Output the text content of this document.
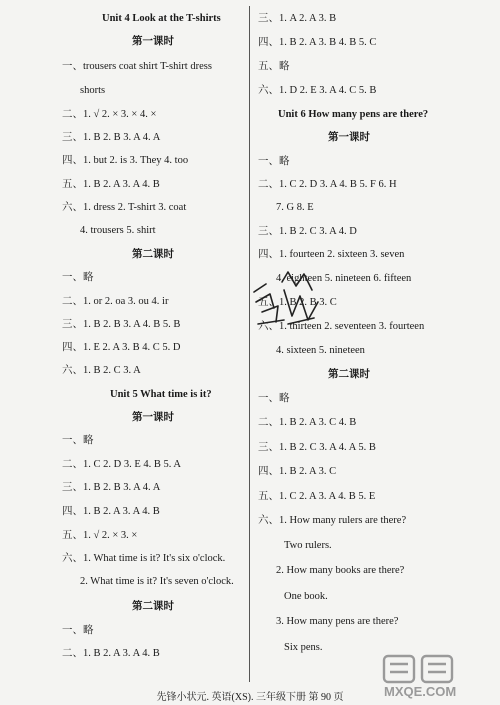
Unit 4 Look at the T-shirts
第一课时
一、trousers coat shirt T-shirt dress
shorts
二、1. √ 2. × 3. × 4. ×
三、1. B 2. B 3. A 4. A
四、1. but 2. is 3. They 4. too
五、1. B 2. A 3. A 4. B
六、1. dress 2. T-shirt 3. coat
4. trousers 5. shirt
第二课时
一、略
二、1. or 2. oa 3. ou 4. ir
三、1. B 2. B 3. A 4. B 5. B
四、1. E 2. A 3. B 4. C 5. D
六、1. B 2. C 3. A
Unit 5 What time is it?
第一课时
一、略
二、1. C 2. D 3. E 4. B 5. A
三、1. B 2. B 3. A 4. A
四、1. B 2. A 3. A 4. B
五、1. √ 2. × 3. ×
六、1. What time is it? It's six o'clock.
2. What time is it? It's seven o'clock.
第二课时
一、略
二、1. B 2. A 3. A 4. B
三、1. A 2. A 3. B
四、1. B 2. A 3. B 4. B 5. C
五、略
六、1. D 2. E 3. A 4. C 5. B
Unit 6 How many pens are there?
第一课时
一、略
二、1. C 2. D 3. A 4. B 5. F 6. H
7. G 8. E
三、1. B 2. C 3. A 4. D
四、1. fourteen 2. sixteen 3. seven
4. eighteen 5. nineteen 6. fifteen
五、1. B 2. B 3. C
六、1. thirteen 2. seventeen 3. fourteen
4. sixteen 5. nineteen
第二课时
一、略
二、1. B 2. A 3. C 4. B
三、1. B 2. C 3. A 4. A 5. B
四、1. B 2. A 3. C
五、1. C 2. A 3. A 4. B 5. E
六、1. How many rulers are there?
Two rulers.
2. How many books are there?
One book.
3. How many pens are there?
Six pens.
MXQE.COM
先锋小状元. 英语(XS). 三年级下册 第 90 页
